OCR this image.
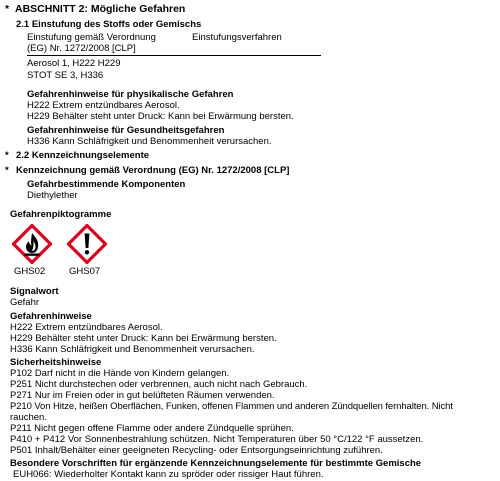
* ABSCHNITT 2: Mögliche Gefahren
2.1 Einstufung des Stoffs oder Gemischs
Einstufung gemäß Verordnung
(EG) Nr. 1272/2008 [CLP]
Einstufungsverfahren
Aerosol 1, H222 H229
STOT SE 3, H336
Gefahrenhinweise für physikalische Gefahren
H222 Extrem entzündbares Aerosol.
H229 Behälter steht unter Druck: Kann bei Erwärmung bersten.
Gefahrenhinweise für Gesundheitsgefahren
H336 Kann Schläfrigkeit und Benommenheit verursachen.
* 2.2 Kennzeichnungselemente
* Kennzeichnung gemäß Verordnung (EG) Nr. 1272/2008 [CLP]
Gefahrbestimmende Komponenten
Diethylether
Gefahrenpiktogramme
GHS02	GHS07
Signalwort
Gefahr
Gefahrenhinweise
H222 Extrem entzündbares Aerosol.
H229 Behälter steht unter Druck: Kann bei Erwärmung bersten.
H336 Kann Schläfrigkeit und Benommenheit verursachen.
Sicherheitshinweise
P102 Darf nicht in die Hände von Kindern gelangen.
P251 Nicht durchstechen oder verbrennen, auch nicht nach Gebrauch.
P271 Nur im Freien oder in gut belüfteten Räumen verwenden.
P210 Von Hitze, heißen Oberflächen, Funken, offenen Flammen und anderen Zündquellen fernhalten. Nicht
rauchen.
P211 Nicht gegen offene Flamme oder andere Zündquelle sprühen.
P410 + P412 Vor Sonnenbestrahlung schützen. Nicht Temperaturen über 50 °C/122 °F aussetzen.
P501 Inhalt/Behälter einer geeigneten Recycling- oder Entsorgungseinrichtung zuführen.
Besondere Vorschriften für ergänzende Kennzeichnungselemente für bestimmte Gemische
EUH066: Wiederholter Kontakt kann zu spröder oder rissiger Haut führen.
